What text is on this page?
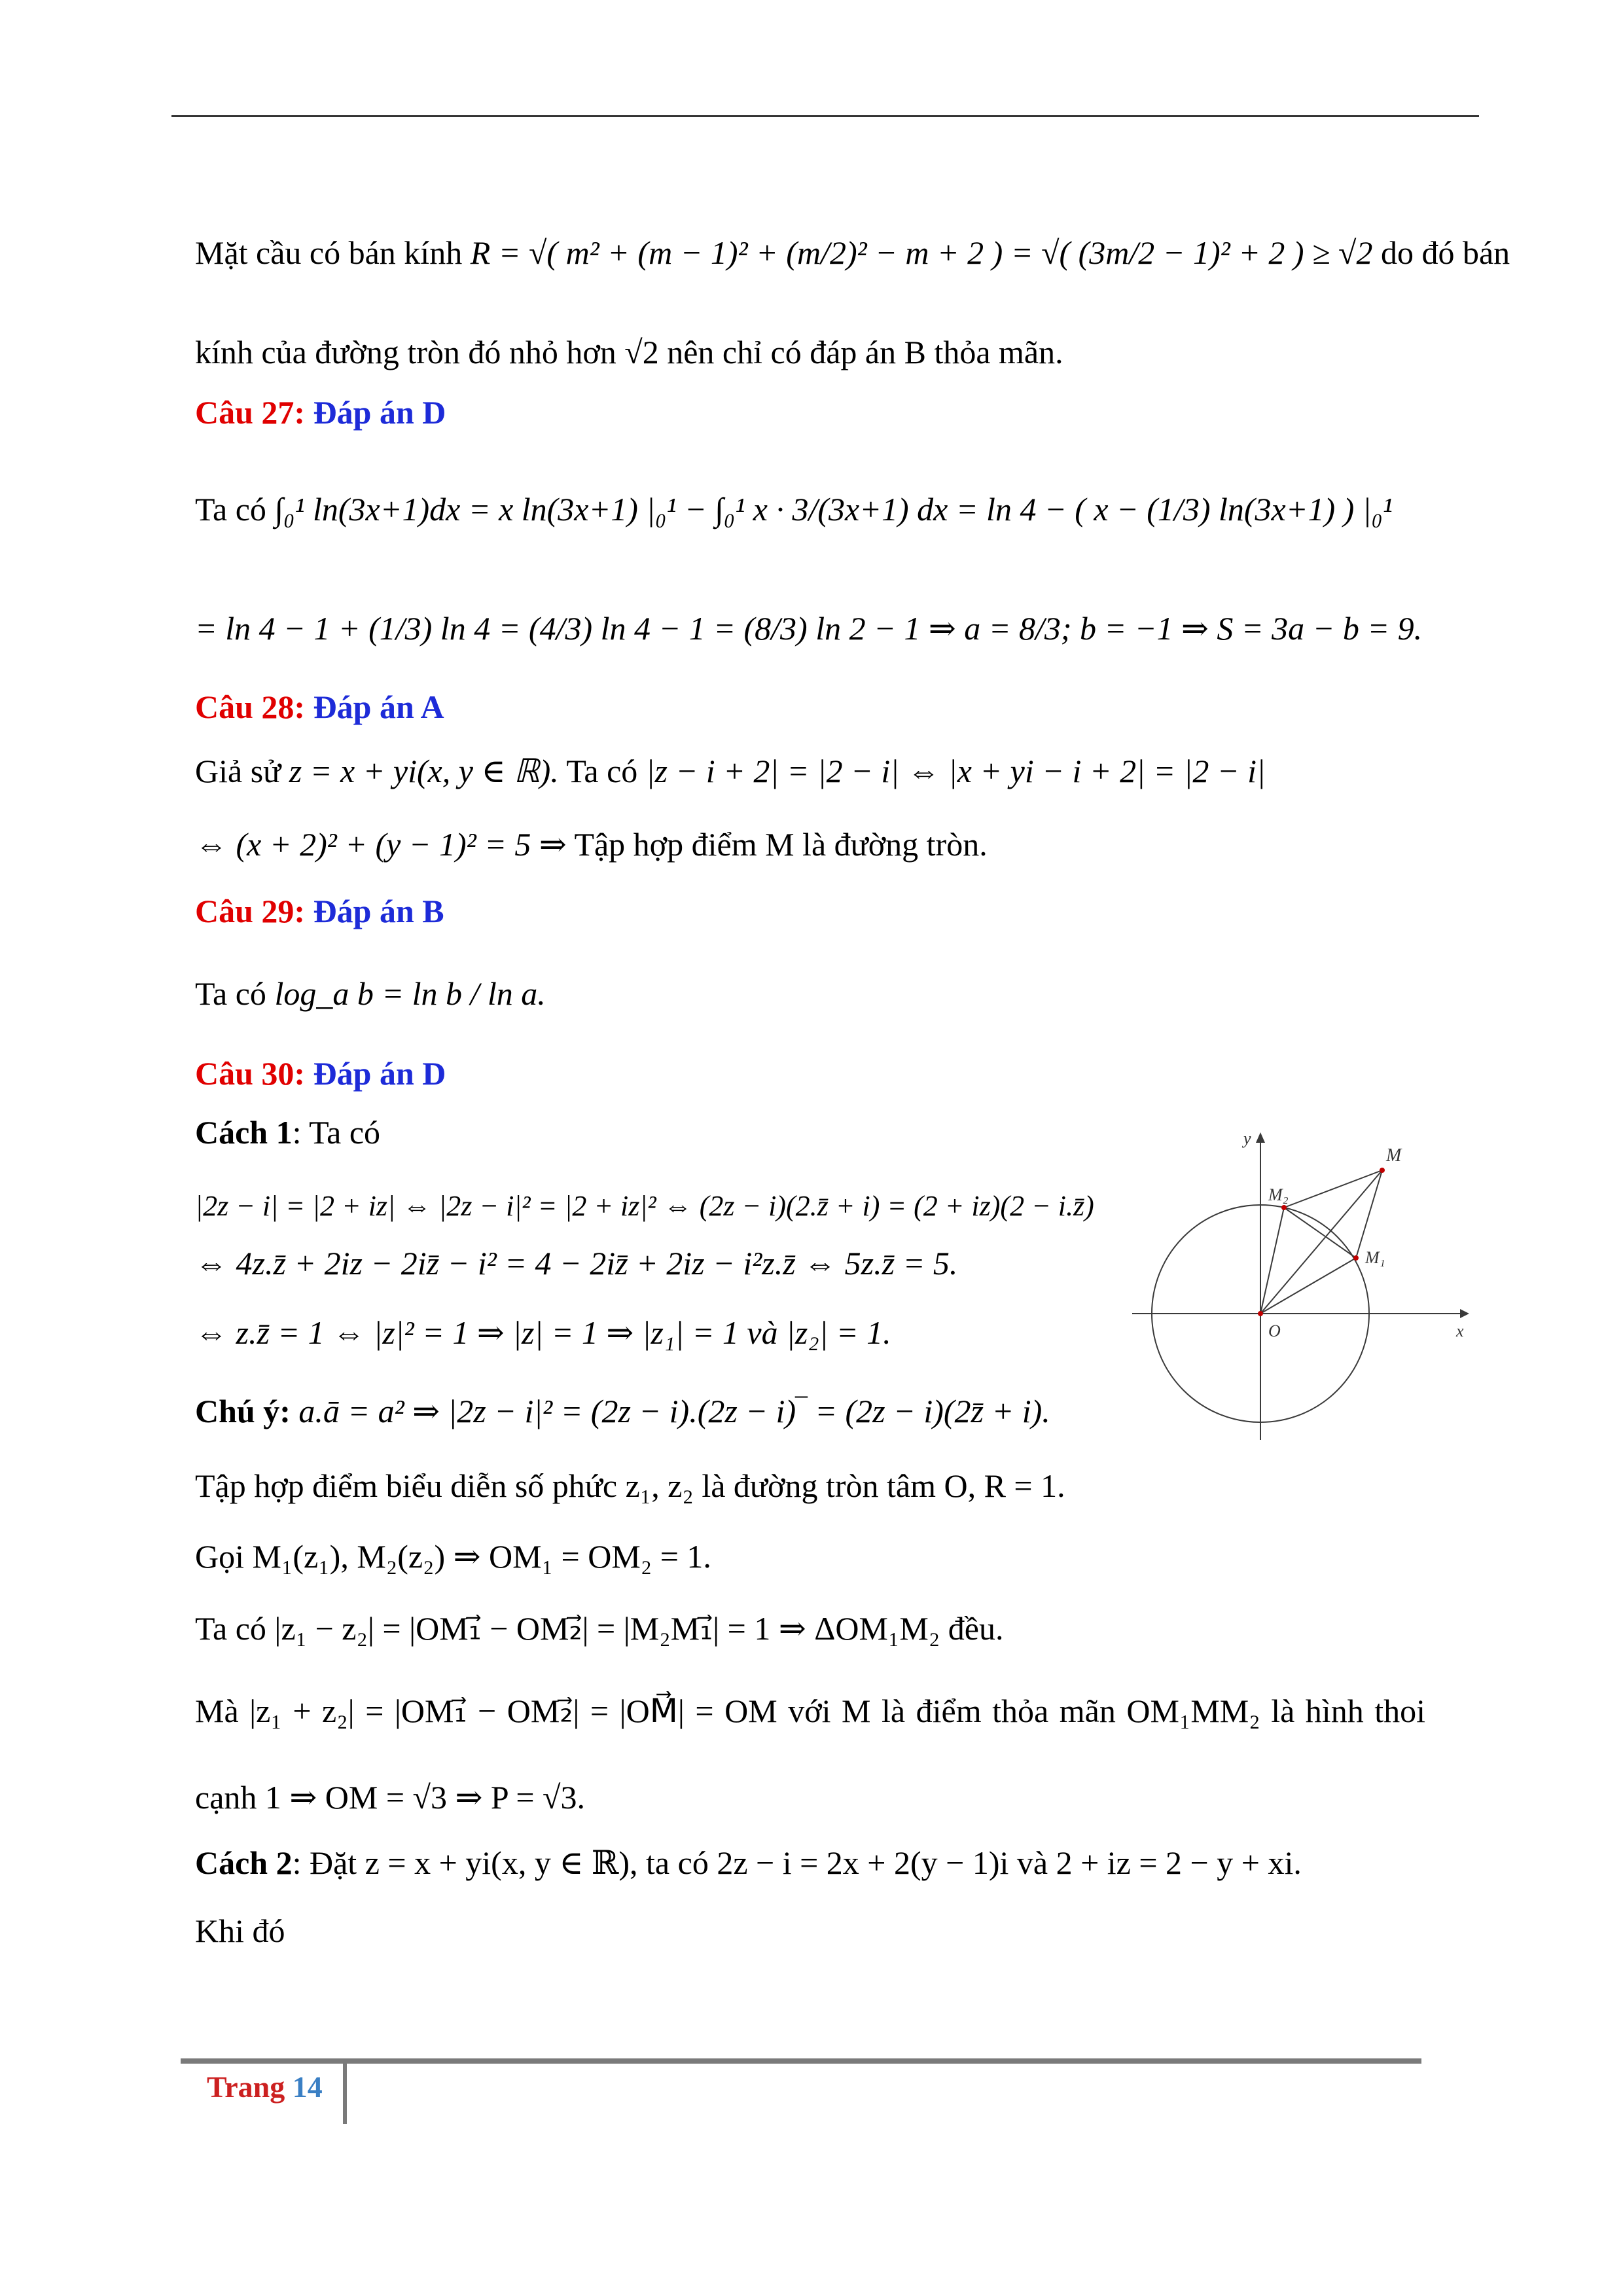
Mặt cầu có bán kính R = √( m² + (m − 1)² + (m/2)² − m + 2 ) = √( (3m/2 − 1)² + 2 ) ≥ √2 do đó bán
kính của đường tròn đó nhỏ hơn √2 nên chỉ có đáp án B thỏa mãn.
Câu 27: Đáp án D
Ta có ∫₀¹ ln(3x+1)dx = x ln(3x+1) |₀¹ − ∫₀¹ x · 3/(3x+1) dx = ln 4 − ( x − (1/3) ln(3x+1) ) |₀¹
= ln 4 − 1 + (1/3) ln 4 = (4/3) ln 4 − 1 = (8/3) ln 2 − 1 ⇒ a = 8/3; b = −1 ⇒ S = 3a − b = 9.
Câu 28: Đáp án A
Giả sử z = x + yi(x, y ∈ ℝ). Ta có |z − i + 2| = |2 − i| ⇔ |x + yi − i + 2| = |2 − i|
⇔ (x + 2)² + (y − 1)² = 5 ⇒ Tập hợp điểm M là đường tròn.
Câu 29: Đáp án B
Ta có log_a b = ln b / ln a.
Câu 30: Đáp án D
Cách 1: Ta có
|2z − i| = |2 + iz| ⇔ |2z − i|² = |2 + iz|² ⇔ (2z − i)(2.z̄ + i) = (2 + iz)(2 − i.z̄)
⇔ 4z.z̄ + 2iz − 2iz̄ − i² = 4 − 2iz̄ + 2iz − i²z.z̄ ⇔ 5z.z̄ = 5.
⇔ z.z̄ = 1 ⇔ |z|² = 1 ⇒ |z| = 1 ⇒ |z₁| = 1 và |z₂| = 1.
Chú ý: a.ā = a² ⇒ |2z − i|² = (2z − i).(2z − i)‾ = (2z − i)(2z̄ + i).
Tập hợp điểm biểu diễn số phức z₁, z₂ là đường tròn tâm O, R = 1.
Gọi M₁(z₁), M₂(z₂) ⇒ OM₁ = OM₂ = 1.
Ta có |z₁ − z₂| = |OM₁⃗ − OM₂⃗| = |M₂M₁⃗| = 1 ⇒ ΔOM₁M₂ đều.
Mà |z₁ + z₂| = |OM₁⃗ − OM₂⃗| = |OM⃗| = OM với M là điểm thỏa mãn OM₁MM₂ là hình thoi
cạnh 1 ⇒ OM = √3 ⇒ P = √3.
Cách 2: Đặt z = x + yi(x, y ∈ ℝ), ta có 2z − i = 2x + 2(y − 1)i và 2 + iz = 2 − y + xi.
Khi đó
y
x
O
M
M₁
M₂
Trang 14
